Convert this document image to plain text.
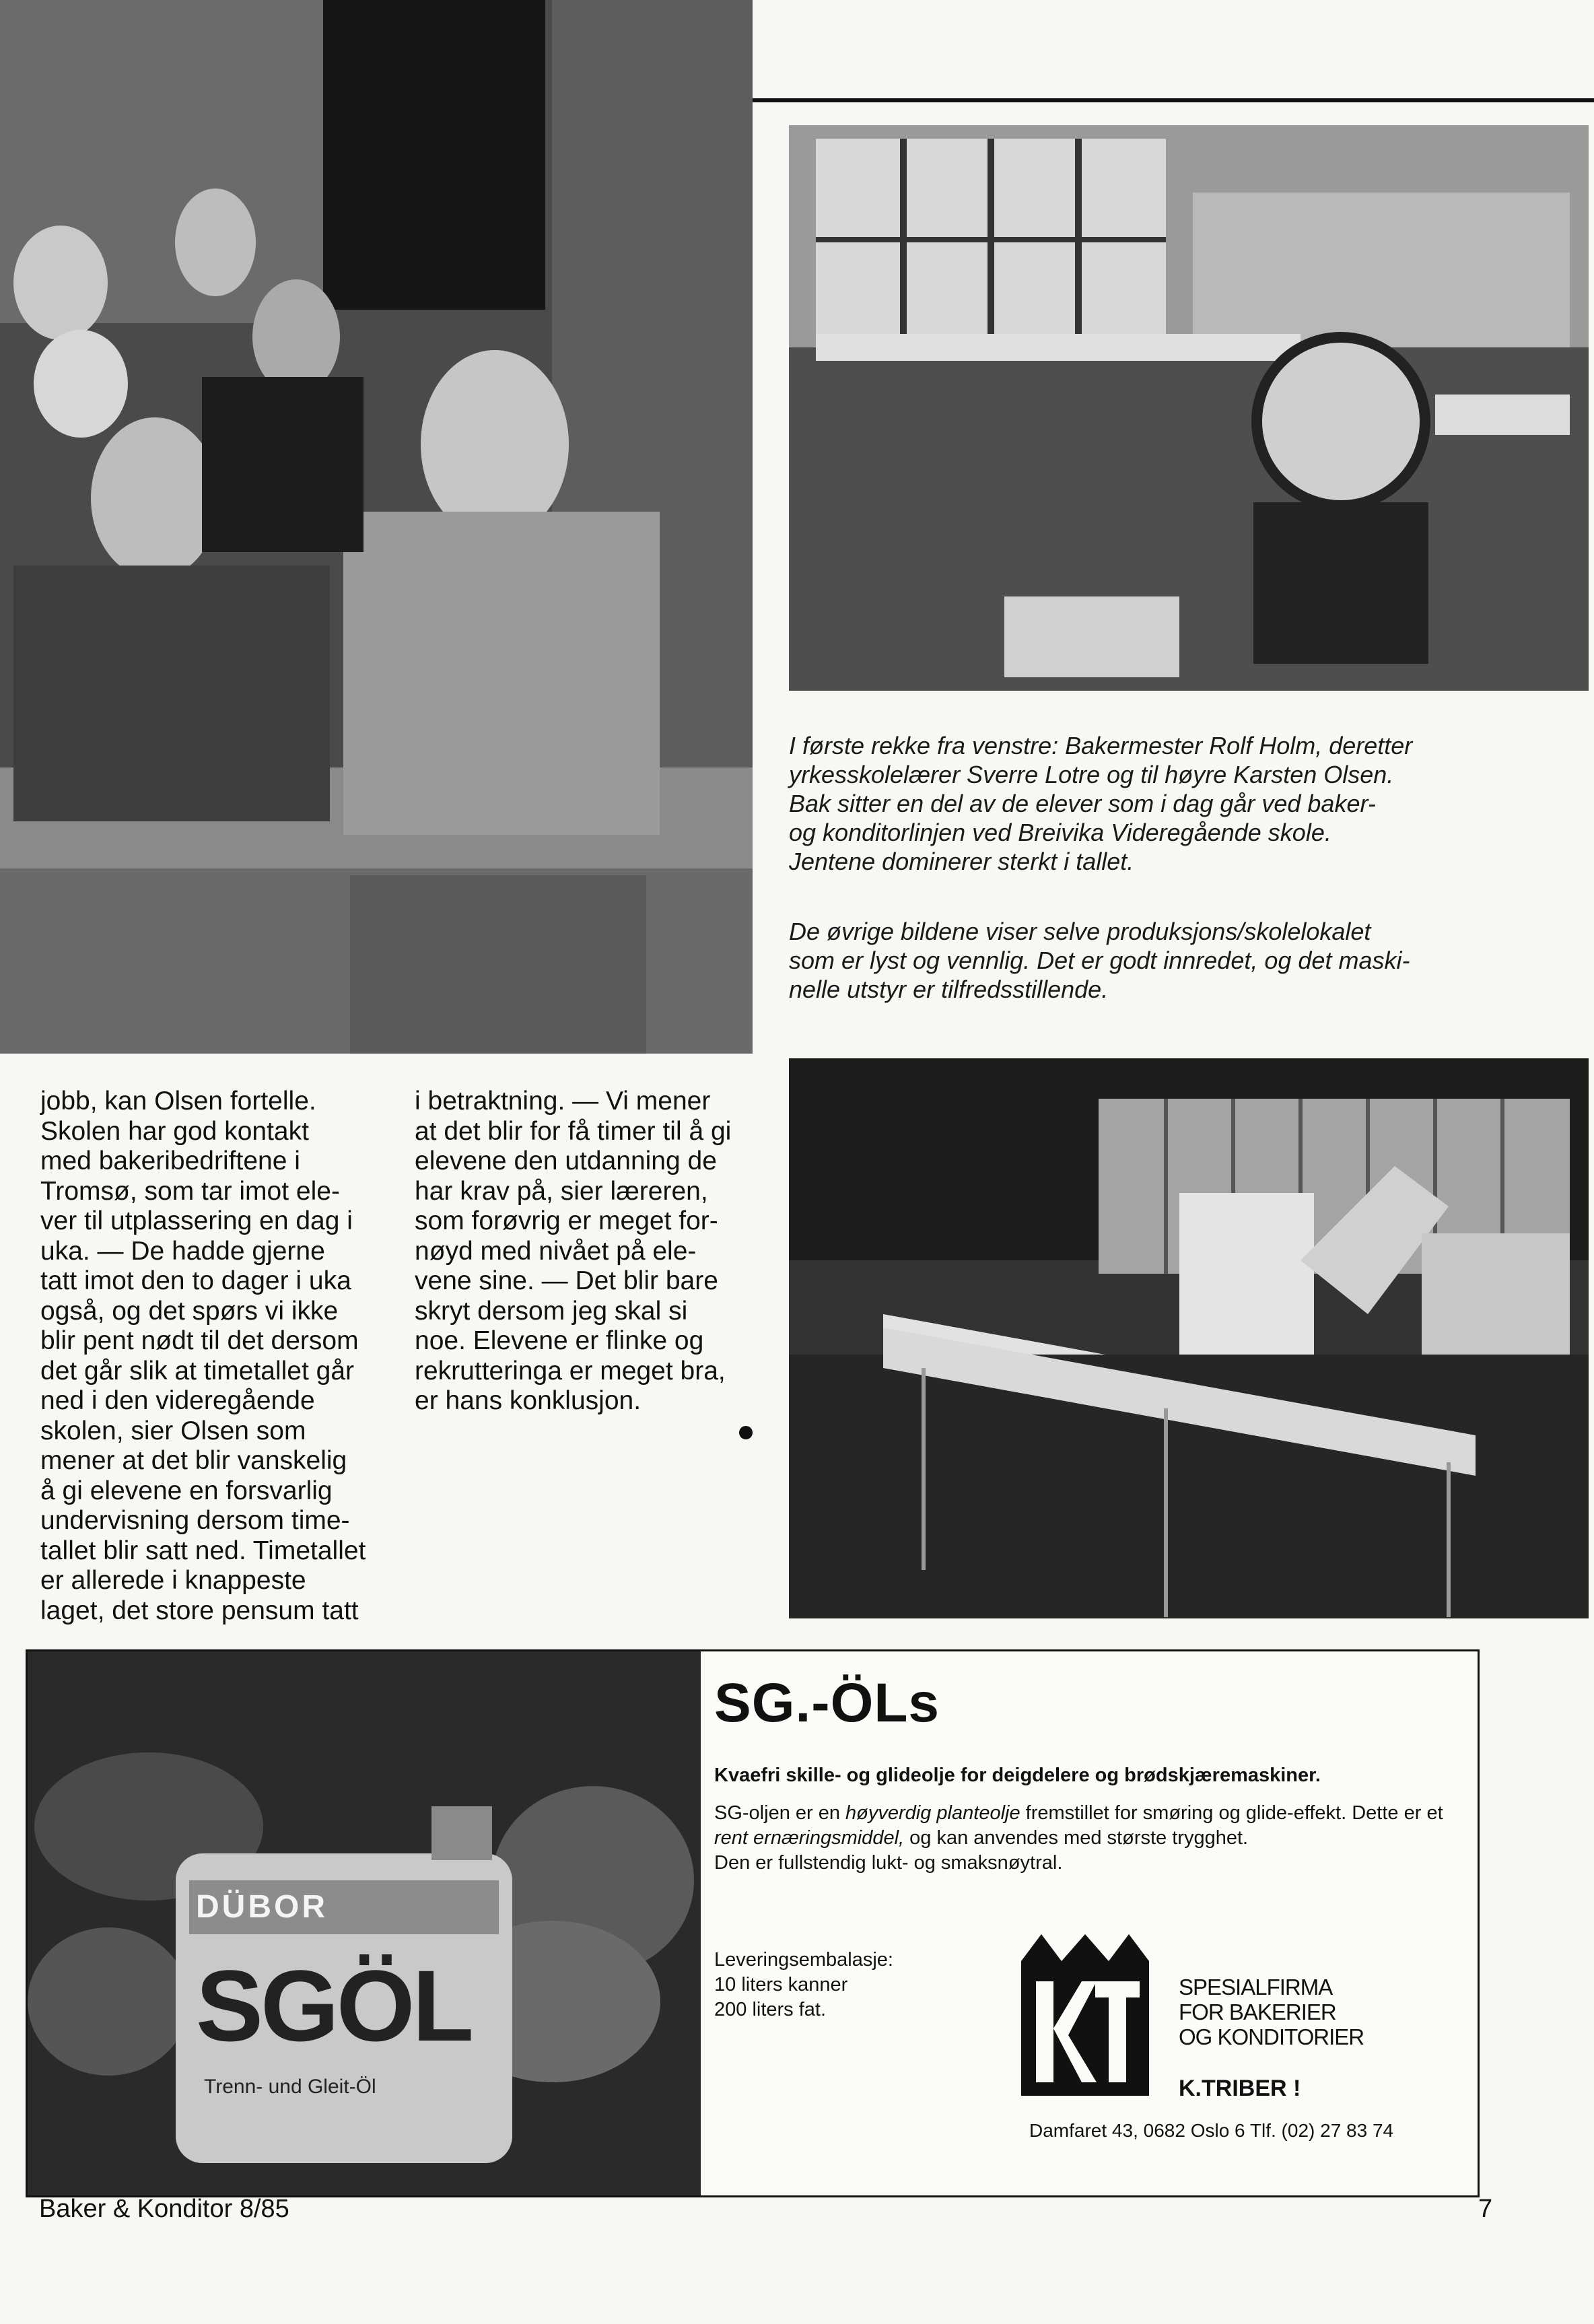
I første rekke fra venstre: Bakermester Rolf Holm, deretter
yrkesskolelærer Sverre Lotre og til høyre Karsten Olsen.
Bak sitter en del av de elever som i dag går ved baker-
og konditorlinjen ved Breivika Videregående skole.
Jentene dominerer sterkt i tallet.

De øvrige bildene viser selve produksjons/skolelokalet
som er lyst og vennlig. Det er godt innredet, og det maski-
nelle utstyr er tilfredsstillende.

jobb, kan Olsen fortelle.
Skolen har god kontakt
med bakeribedriftene i
Tromsø, som tar imot ele-
ver til utplassering en dag i
uka. — De hadde gjerne
tatt imot den to dager i uka
også, og det spørs vi ikke
blir pent nødt til det dersom
det går slik at timetallet går
ned i den videregående
skolen, sier Olsen som
mener at det blir vanskelig
å gi elevene en forsvarlig
undervisning dersom time-
tallet blir satt ned. Timetallet
er allerede i knappeste
laget, det store pensum tatt

i betraktning. — Vi mener
at det blir for få timer til å gi
elevene den utdanning de
har krav på, sier læreren,
som forøvrig er meget for-
nøyd med nivået på ele-
vene sine. — Det blir bare
skryt dersom jeg skal si
noe. Elevene er flinke og
rekrutteringa er meget bra,
er hans konklusjon.

DÜBOR
SGÖL
Trenn- und Gleit-Öl

SG.-ÖLs

Kvaefri skille- og glideolje for deigdelere og brødskjæremaskiner.

SG-oljen er en høyverdig planteolje fremstillet for smøring og glide-effekt. Dette er et rent ernæringsmiddel, og kan anvendes med største trygghet.

Den er fullstendig lukt- og smaksnøytral.

Leveringsembalasje:
10 liters kanner
200 liters fat.

SPESIALFIRMA
FOR BAKERIER
OG KONDITORIER

K.TRIBER !

Damfaret 43, 0682 Oslo 6 Tlf. (02) 27 83 74

Baker & Konditor 8/85	7
